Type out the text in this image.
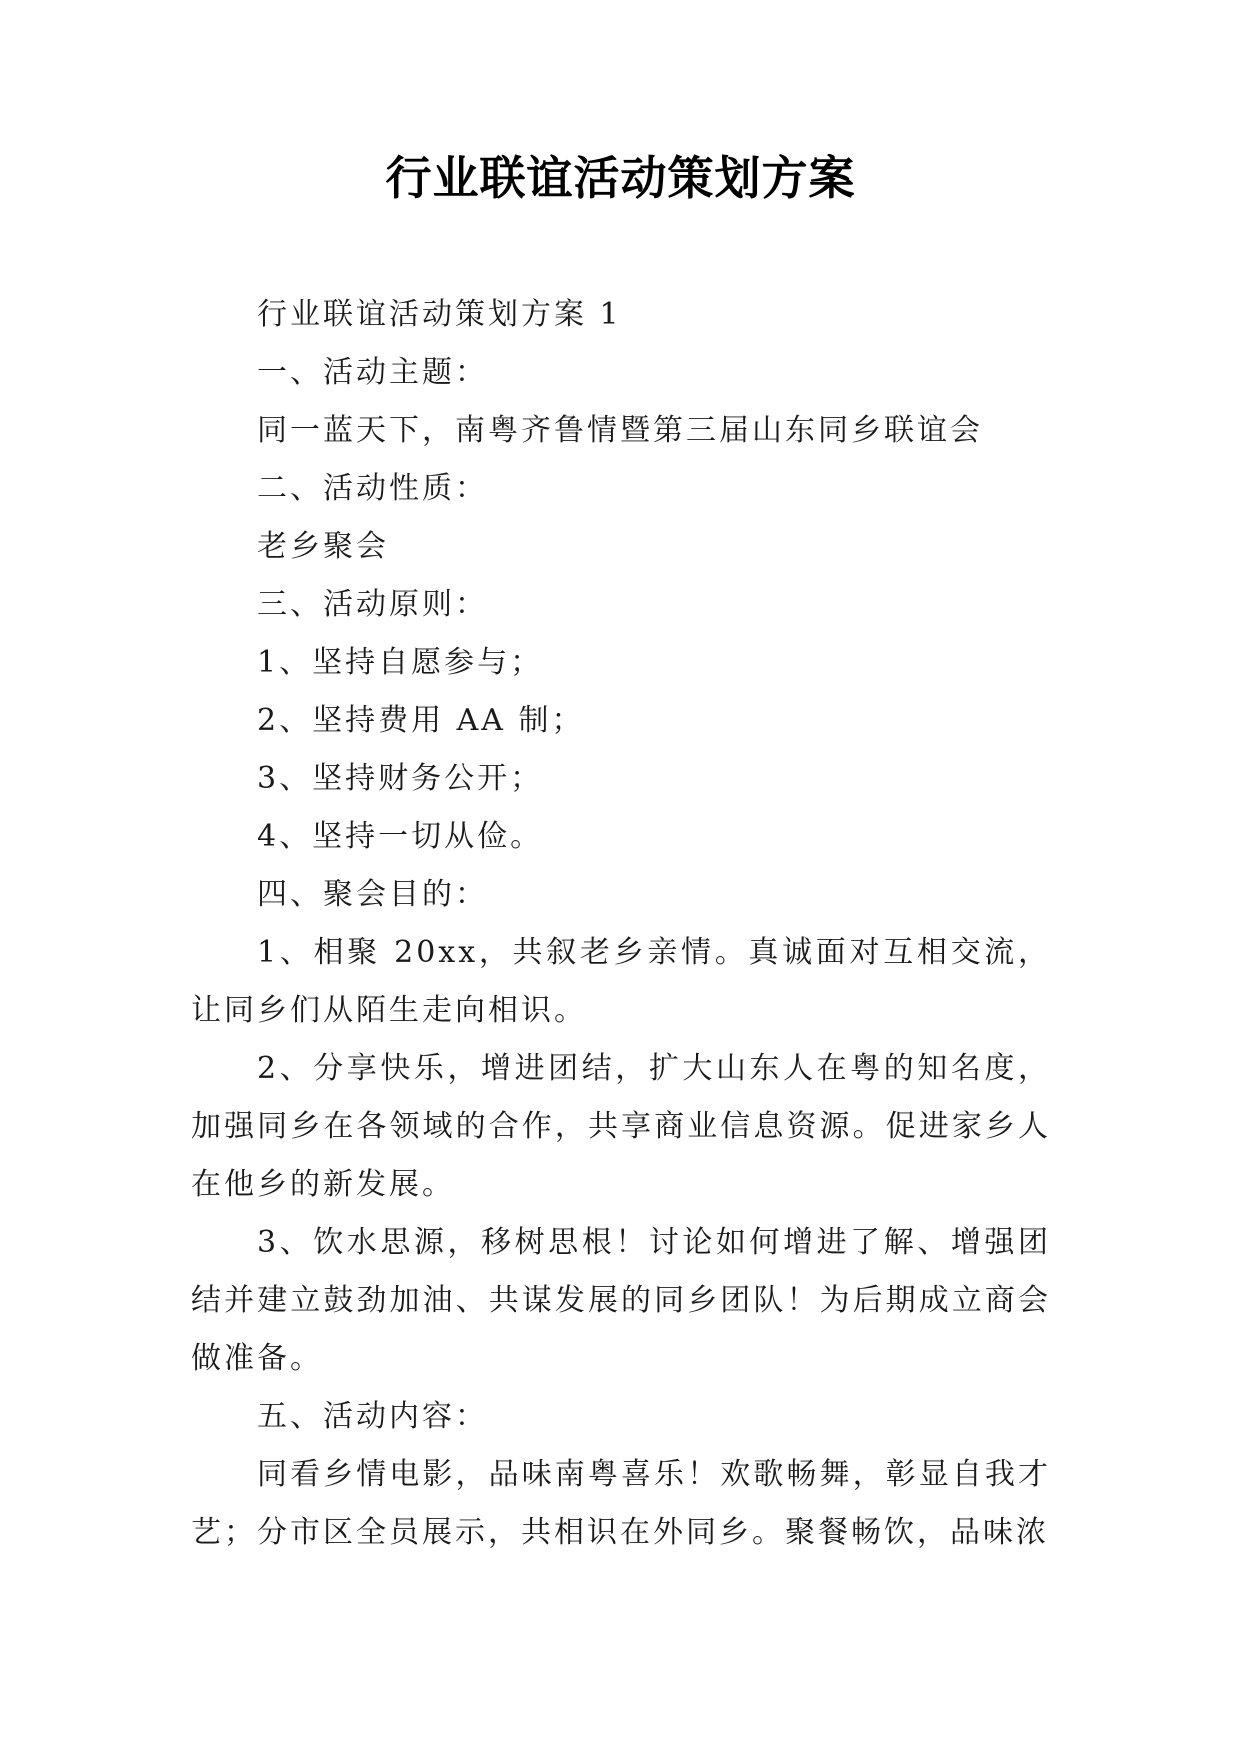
行业联谊活动策划方案

行业联谊活动策划方案 1

一、活动主题：

同一蓝天下，南粤齐鲁情暨第三届山东同乡联谊会

二、活动性质：

老乡聚会

三、活动原则：

1、坚持自愿参与；

2、坚持费用 AA 制；

3、坚持财务公开；

4、坚持一切从俭。

四、聚会目的：

1、相聚 20xx，共叙老乡亲情。真诚面对互相交流，让同乡们从陌生走向相识。

2、分享快乐，增进团结，扩大山东人在粤的知名度，加强同乡在各领域的合作，共享商业信息资源。促进家乡人在他乡的新发展。

3、饮水思源，移树思根！讨论如何增进了解、增强团结并建立鼓劲加油、共谋发展的同乡团队！为后期成立商会做准备。

五、活动内容：

同看乡情电影，品味南粤喜乐！欢歌畅舞，彰显自我才艺；分市区全员展示，共相识在外同乡。聚餐畅饮，品味浓
